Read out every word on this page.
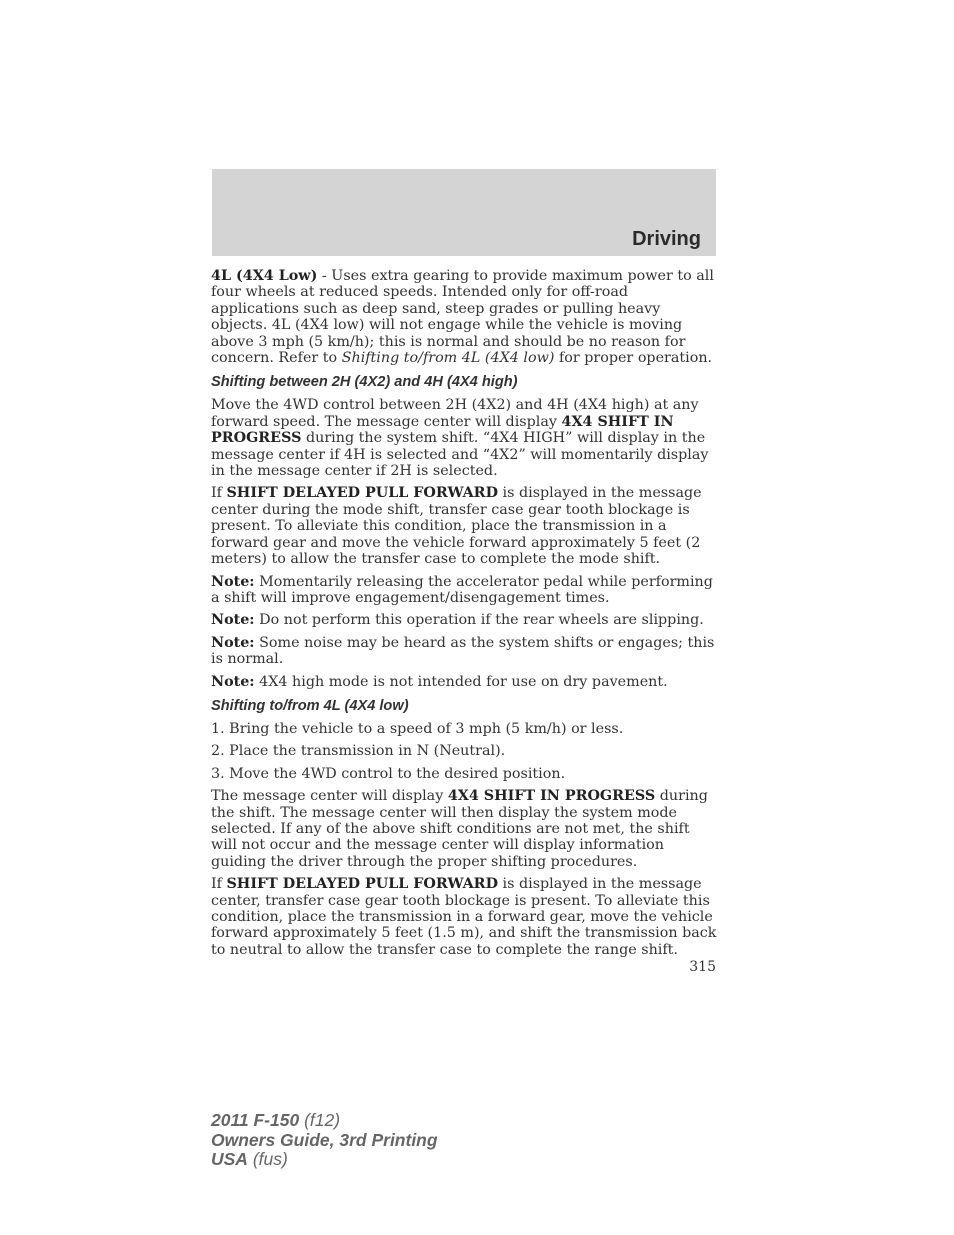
Driving

4L (4X4 Low) - Uses extra gearing to provide maximum power to all four wheels at reduced speeds. Intended only for off-road applications such as deep sand, steep grades or pulling heavy objects. 4L (4X4 low) will not engage while the vehicle is moving above 3 mph (5 km/h); this is normal and should be no reason for concern. Refer to Shifting to/from 4L (4X4 low) for proper operation.

Shifting between 2H (4X2) and 4H (4X4 high)

Move the 4WD control between 2H (4X2) and 4H (4X4 high) at any forward speed. The message center will display 4X4 SHIFT IN PROGRESS during the system shift. “4X4 HIGH” will display in the message center if 4H is selected and “4X2” will momentarily display in the message center if 2H is selected.

If SHIFT DELAYED PULL FORWARD is displayed in the message center during the mode shift, transfer case gear tooth blockage is present. To alleviate this condition, place the transmission in a forward gear and move the vehicle forward approximately 5 feet (2 meters) to allow the transfer case to complete the mode shift.

Note: Momentarily releasing the accelerator pedal while performing a shift will improve engagement/disengagement times.

Note: Do not perform this operation if the rear wheels are slipping.

Note: Some noise may be heard as the system shifts or engages; this is normal.

Note: 4X4 high mode is not intended for use on dry pavement.

Shifting to/from 4L (4X4 low)

1. Bring the vehicle to a speed of 3 mph (5 km/h) or less.

2. Place the transmission in N (Neutral).

3. Move the 4WD control to the desired position.

The message center will display 4X4 SHIFT IN PROGRESS during the shift. The message center will then display the system mode selected. If any of the above shift conditions are not met, the shift will not occur and the message center will display information guiding the driver through the proper shifting procedures.

If SHIFT DELAYED PULL FORWARD is displayed in the message center, transfer case gear tooth blockage is present. To alleviate this condition, place the transmission in a forward gear, move the vehicle forward approximately 5 feet (1.5 m), and shift the transmission back to neutral to allow the transfer case to complete the range shift.

315
2011 F-150 (f12)
Owners Guide, 3rd Printing
USA (fus)
